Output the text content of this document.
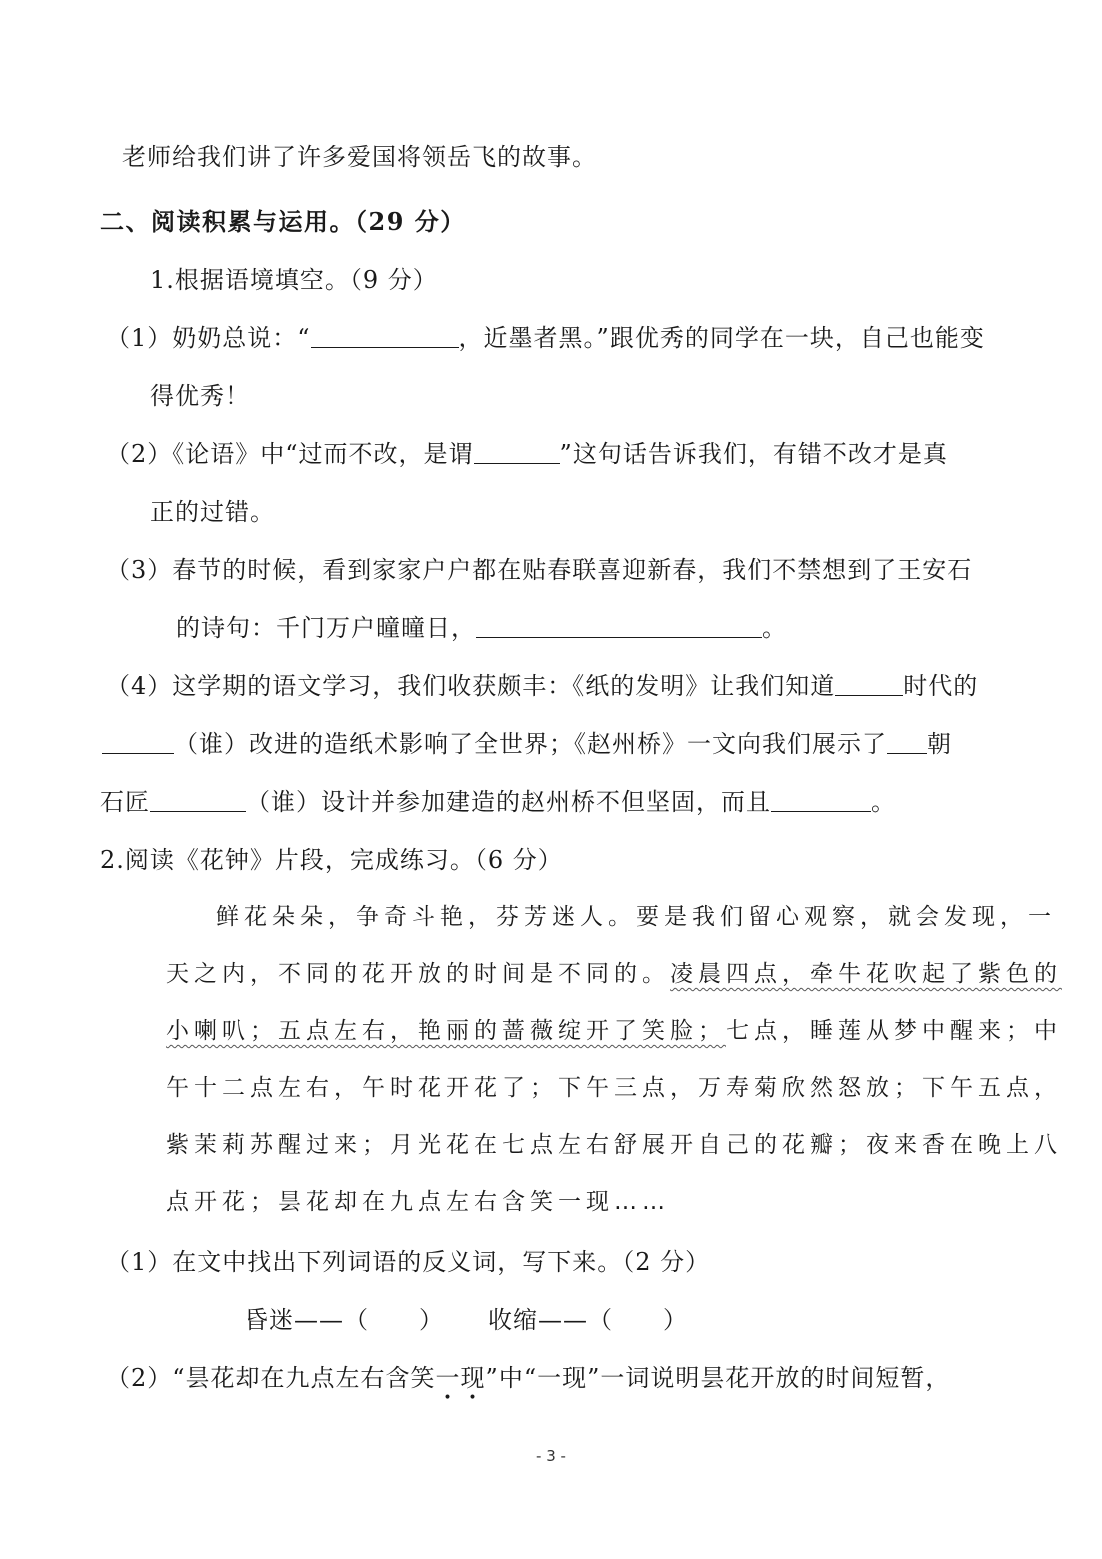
老师给我们讲了许多爱国将领岳飞的故事。
二、阅读积累与运用。（29 分）
1.根据语境填空。（9 分）
（1）奶奶总说：“	，近墨者黑。”跟优秀的同学在一块，自己也能变
得优秀！
（2）《论语》中“过而不改，是谓	”这句话告诉我们，有错不改才是真
正的过错。
（3）春节的时候，看到家家户户都在贴春联喜迎新春，我们不禁想到了王安石
的诗句：千门万户曈曈日，	。
（4）这学期的语文学习，我们收获颇丰：《纸的发明》让我们知道	时代的
（谁）改进的造纸术影响了全世界；《赵州桥》一文向我们展示了 朝
石匠	（谁）设计并参加建造的赵州桥不但坚固，而且	。
2.阅读《花钟》片段，完成练习。（6 分）
鲜花朵朵，争奇斗艳，芬芳迷人。要是我们留心观察，就会发现，一
天之内，不同的花开放的时间是不同的。凌晨四点，牵牛花吹起了紫色的
小喇叭；五点左右，艳丽的蔷薇绽开了笑脸；七点，睡莲从梦中醒来；中
午十二点左右，午时花开花了；下午三点，万寿菊欣然怒放；下午五点，
紫茉莉苏醒过来；月光花在七点左右舒展开自己的花瓣；夜来香在晚上八
点开花；昙花却在九点左右含笑一现……
（1）在文中找出下列词语的反义词，写下来。（2 分）
昏迷——（　　） 收缩——（　　）
（2）“昙花却在九点左右含笑一现”中“一现”一词说明昙花开放的时间短暂，
- 3 -
